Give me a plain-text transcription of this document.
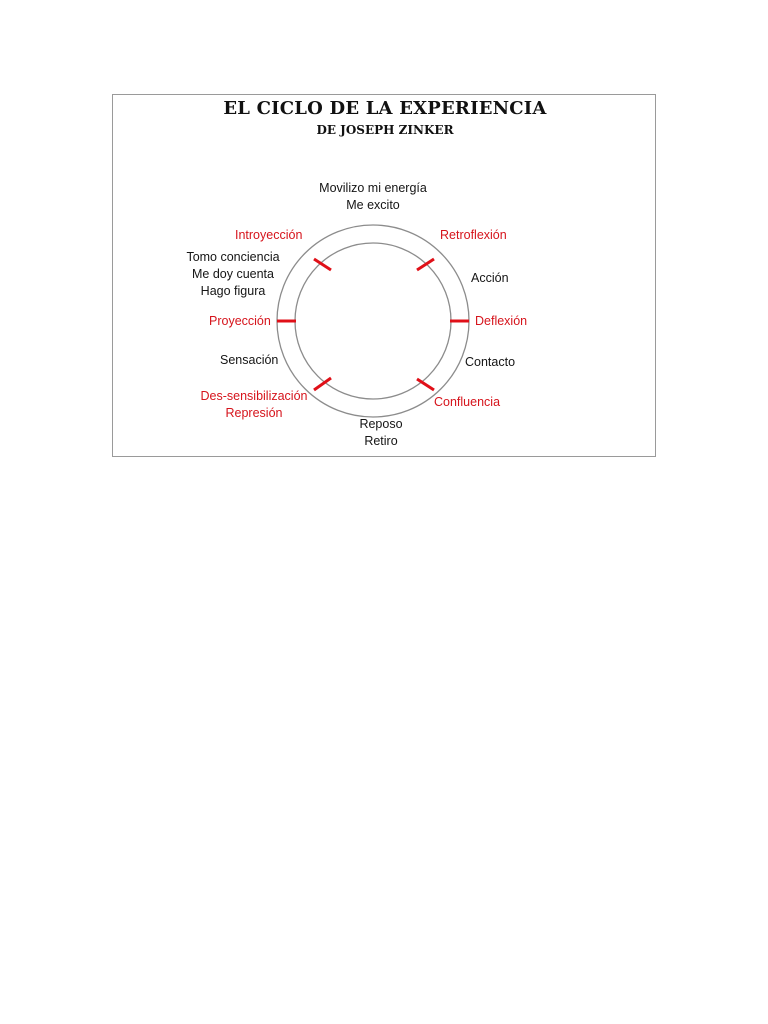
EL CICLO DE LA EXPERIENCIA
DE JOSEPH ZINKER
Movilizo mi energía
Me excito
Tomo conciencia
Me doy cuenta
Hago figura
Acción
Sensación	Contacto
Reposo
Retiro
Introyección	Retroflexión
Proyección	Deflexión
Des-sensibilización
Represión
Confluencia
